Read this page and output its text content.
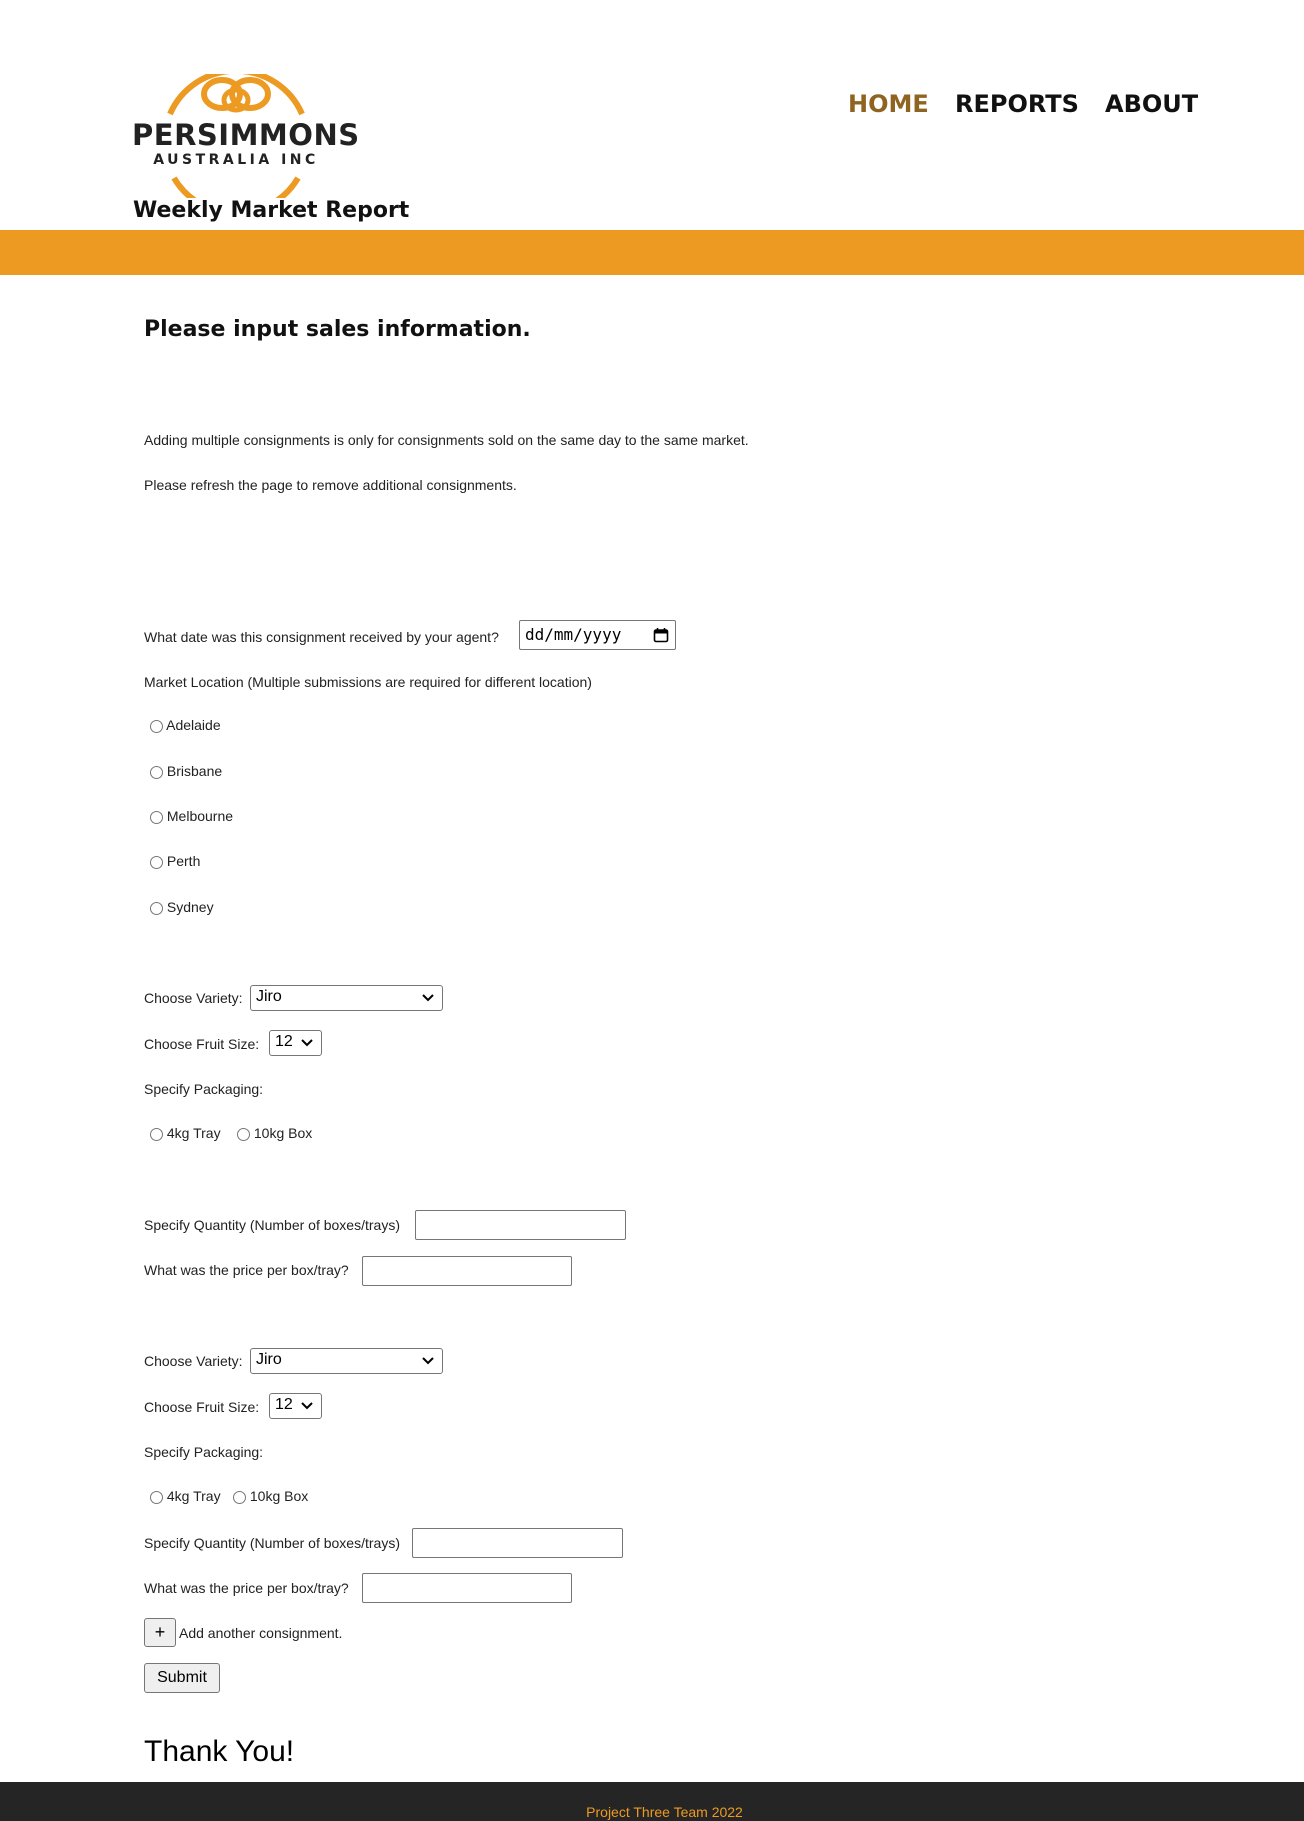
PERSIMMONS
AUSTRALIA INC
Weekly Market Report
HOME REPORTS ABOUT
Please input sales information.
Adding multiple consignments is only for consignments sold on the same day to the same market.
Please refresh the page to remove additional consignments.
What date was this consignment received by your agent?	dd/mm/yyyy
Market Location (Multiple submissions are required for different location)
Adelaide
Brisbane
Melbourne
Perth
Sydney
Choose Variety: Jiro
Choose Fruit Size: 12
Specify Packaging:
4kg Tray	10kg Box
Specify Quantity (Number of boxes/trays)
What was the price per box/tray?
Choose Variety: Jiro
Choose Fruit Size: 12
Specify Packaging:
4kg Tray	10kg Box
Specify Quantity (Number of boxes/trays)
What was the price per box/tray?
+ Add another consignment.
Submit
Thank You!
Project Three Team 2022
